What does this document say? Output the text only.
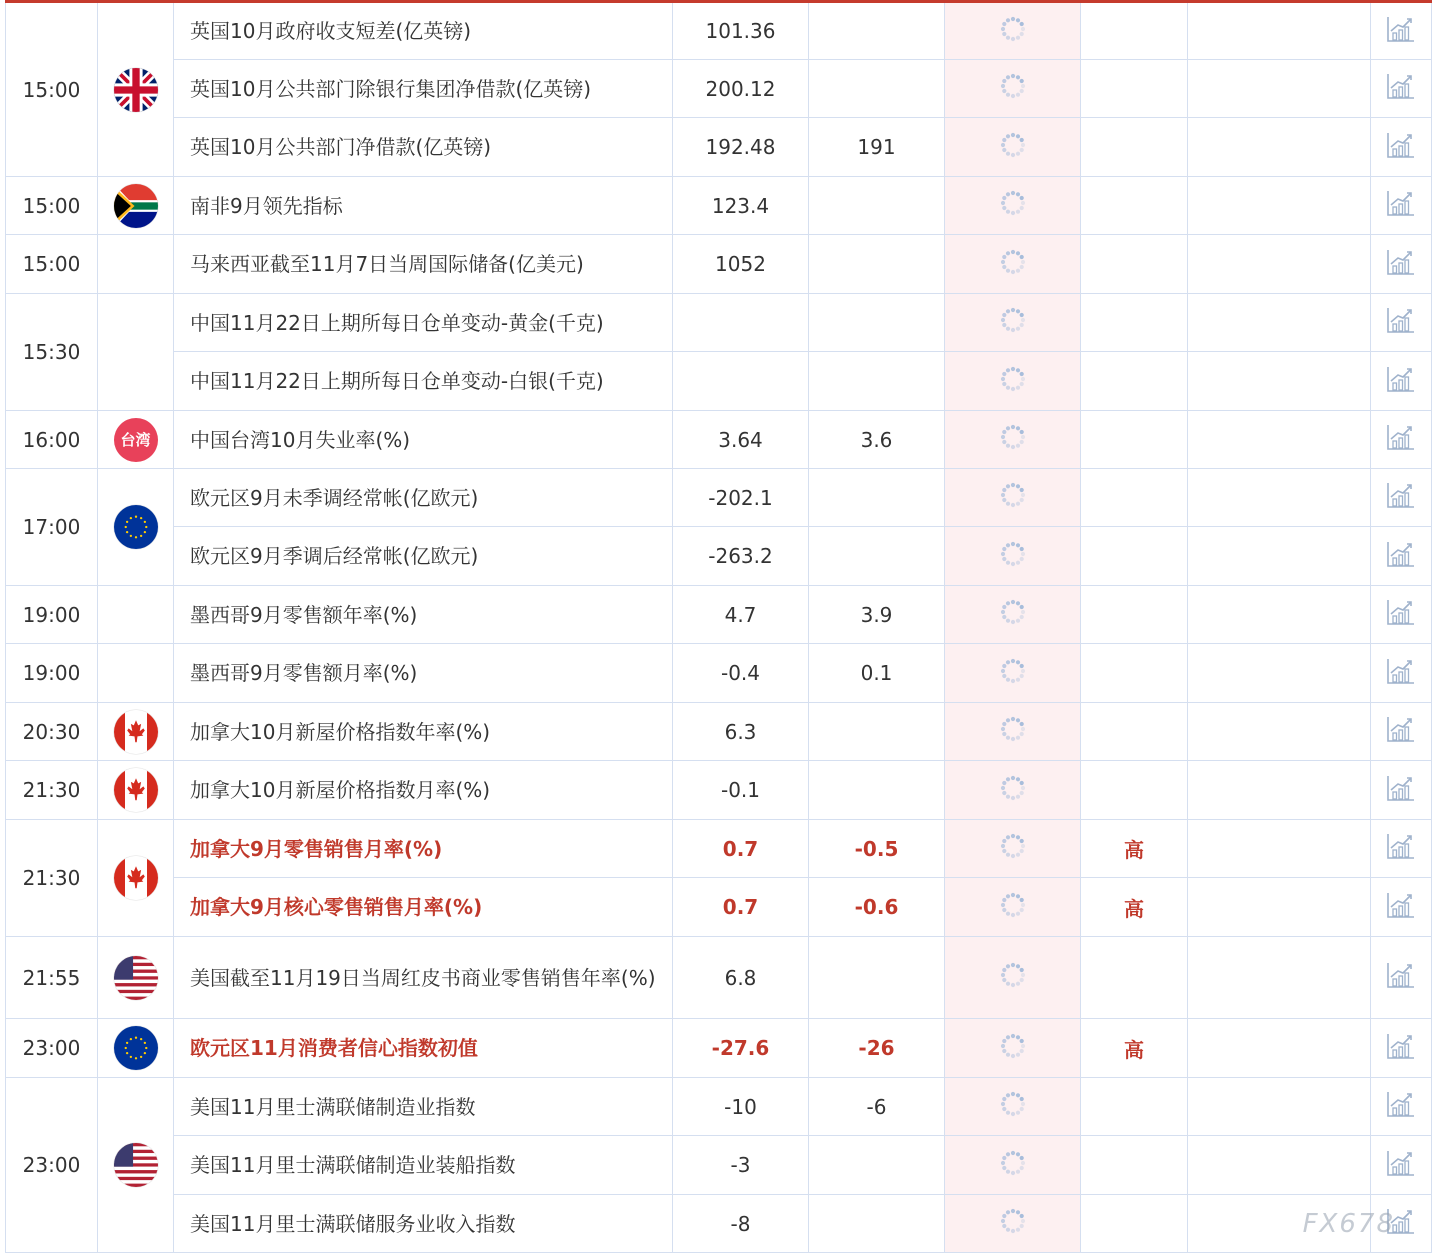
15:00		英国10月政府收支短差(亿英镑)	101.36					
		英国10月公共部门除银行集团净借款(亿英镑)	200.12					
		英国10月公共部门净借款(亿英镑)	192.48	191				
15:00		南非9月领先指标	123.4					
15:00		马来西亚截至11月7日当周国际储备(亿美元)	1052					
15:30		中国11月22日上期所每日仓单变动-黄金(千克)						
		中国11月22日上期所每日仓单变动-白银(千克)						
16:00	台湾	中国台湾10月失业率(%)	3.64	3.6				
17:00		欧元区9月未季调经常帐(亿欧元)	-202.1					
		欧元区9月季调后经常帐(亿欧元)	-263.2					
19:00		墨西哥9月零售额年率(%)	4.7	3.9				
19:00		墨西哥9月零售额月率(%)	-0.4	0.1				
20:30		加拿大10月新屋价格指数年率(%)	6.3					
21:30		加拿大10月新屋价格指数月率(%)	-0.1					
21:30		加拿大9月零售销售月率(%)	0.7	-0.5		高		
		加拿大9月核心零售销售月率(%)	0.7	-0.6		高		
21:55		美国截至11月19日当周红皮书商业零售销售年率(%)	6.8					
23:00		欧元区11月消费者信心指数初值	-27.6	-26		高		
23:00		美国11月里士满联储制造业指数	-10	-6				
		美国11月里士满联储制造业装船指数	-3					
		美国11月里士满联储服务业收入指数	-8						FX678
